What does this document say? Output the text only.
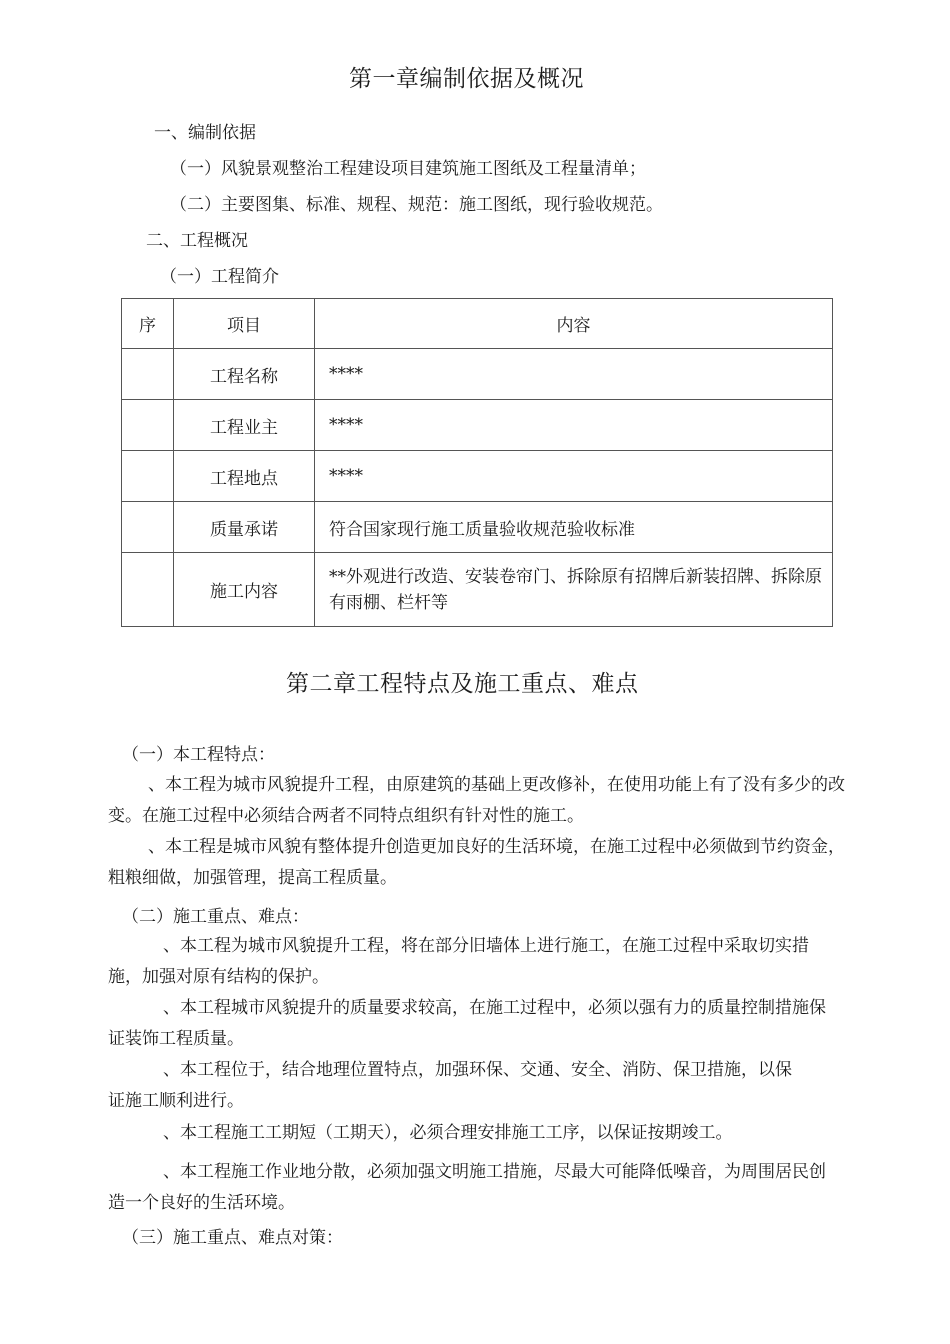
第一章编制依据及概况
一、编制依据
（一）风貌景观整治工程建设项目建筑施工图纸及工程量清单；
（二）主要图集、标准、规程、规范：施工图纸，现行验收规范。
二、工程概况
（一）工程简介
序	项目	内容
	工程名称	****
	工程业主	****
	工程地点	****
	质量承诺	符合国家现行施工质量验收规范验收标准
	施工内容	**外观进行改造、安装卷帘门、拆除原有招牌后新装招牌、拆除原有雨棚、栏杆等
第二章工程特点及施工重点、难点
（一）本工程特点：
、本工程为城市风貌提升工程，由原建筑的基础上更改修补，在使用功能上有了没有多少的改变。在施工过程中必须结合两者不同特点组织有针对性的施工。
、本工程是城市风貌有整体提升创造更加良好的生活环境，在施工过程中必须做到节约资金，粗粮细做，加强管理，提高工程质量。
（二）施工重点、难点：
、本工程为城市风貌提升工程，将在部分旧墙体上进行施工，在施工过程中采取切实措施，加强对原有结构的保护。
、本工程城市风貌提升的质量要求较高，在施工过程中，必须以强有力的质量控制措施保证装饰工程质量。
、本工程位于，结合地理位置特点，加强环保、交通、安全、消防、保卫措施，以保证施工顺利进行。
、本工程施工工期短（工期天），必须合理安排施工工序，以保证按期竣工。
、本工程施工作业地分散，必须加强文明施工措施，尽最大可能降低噪音，为周围居民创造一个良好的生活环境。
（三）施工重点、难点对策：
